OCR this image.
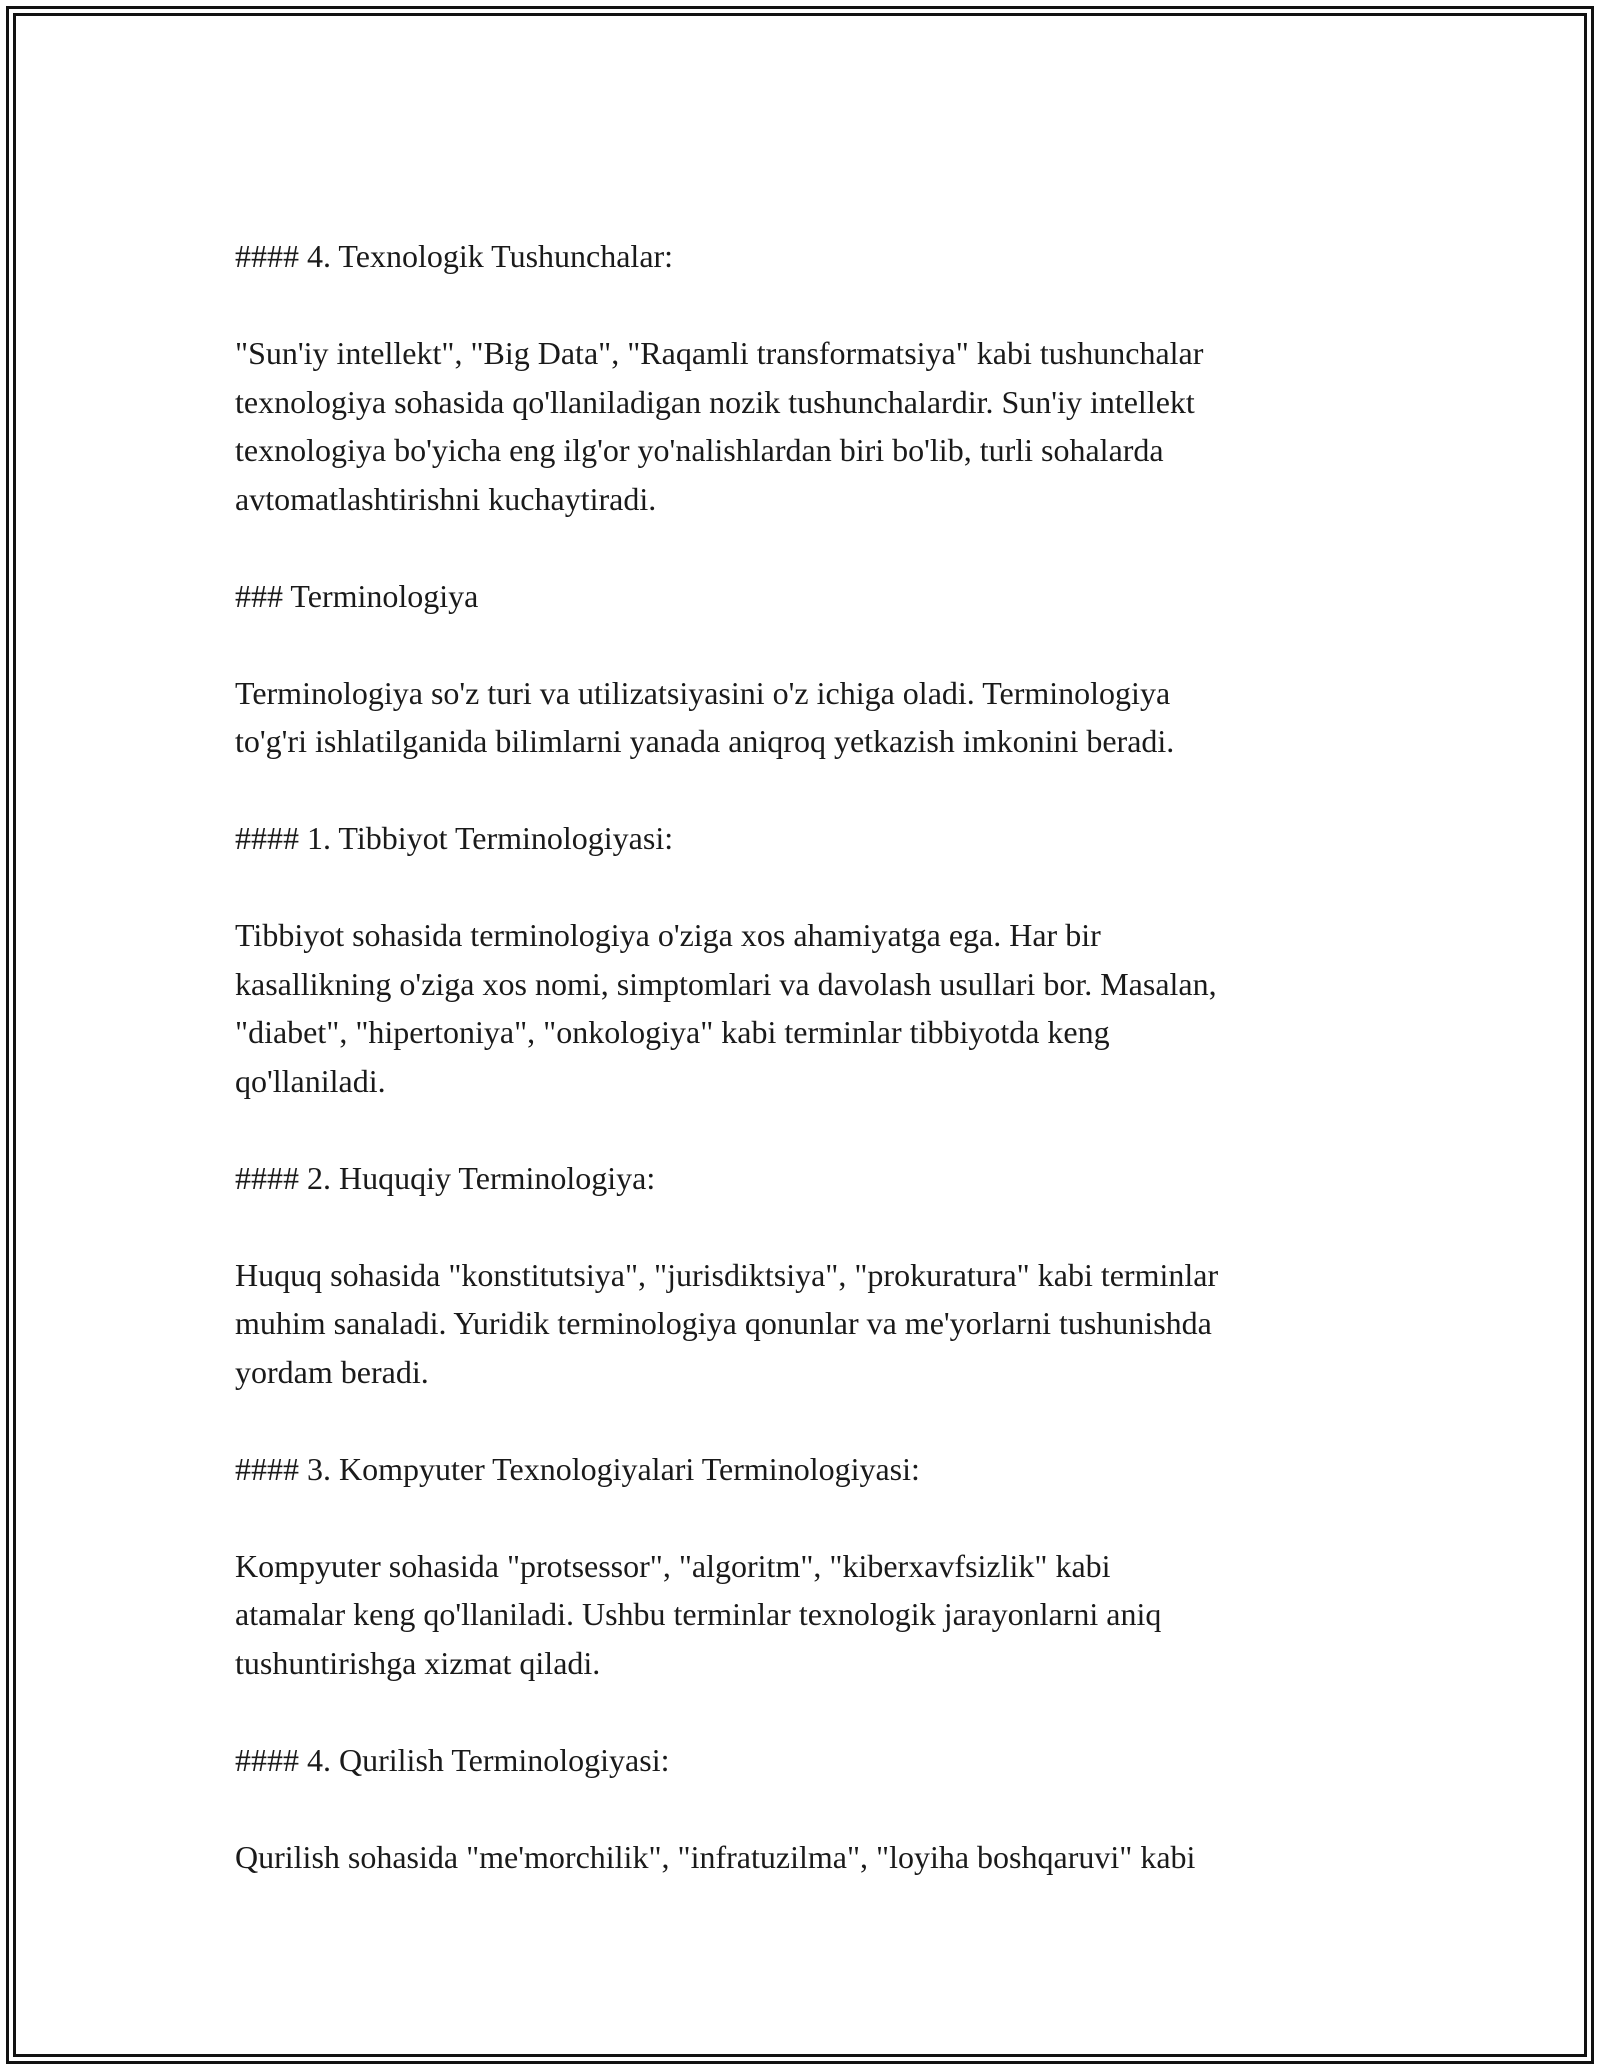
#### 4. Texnologik Tushunchalar:

"Sun'iy intellekt", "Big Data", "Raqamli transformatsiya" kabi tushunchalar

texnologiya sohasida qo'llaniladigan nozik tushunchalardir. Sun'iy intellekt

texnologiya bo'yicha eng ilg'or yo'nalishlardan biri bo'lib, turli sohalarda

avtomatlashtirishni kuchaytiradi.

### Terminologiya

Terminologiya so'z turi va utilizatsiyasini o'z ichiga oladi. Terminologiya

to'g'ri ishlatilganida bilimlarni yanada aniqroq yetkazish imkonini beradi.

#### 1. Tibbiyot Terminologiyasi:

Tibbiyot sohasida terminologiya o'ziga xos ahamiyatga ega. Har bir

kasallikning o'ziga xos nomi, simptomlari va davolash usullari bor. Masalan,

"diabet", "hipertoniya", "onkologiya" kabi terminlar tibbiyotda keng

qo'llaniladi.

#### 2. Huquqiy Terminologiya:

Huquq sohasida "konstitutsiya", "jurisdiktsiya", "prokuratura" kabi terminlar

muhim sanaladi. Yuridik terminologiya qonunlar va me'yorlarni tushunishda

yordam beradi.

#### 3. Kompyuter Texnologiyalari Terminologiyasi:

Kompyuter sohasida "protsessor", "algoritm", "kiberxavfsizlik" kabi

atamalar keng qo'llaniladi. Ushbu terminlar texnologik jarayonlarni aniq

tushuntirishga xizmat qiladi.

#### 4. Qurilish Terminologiyasi:

Qurilish sohasida "me'morchilik", "infratuzilma", "loyiha boshqaruvi" kabi
